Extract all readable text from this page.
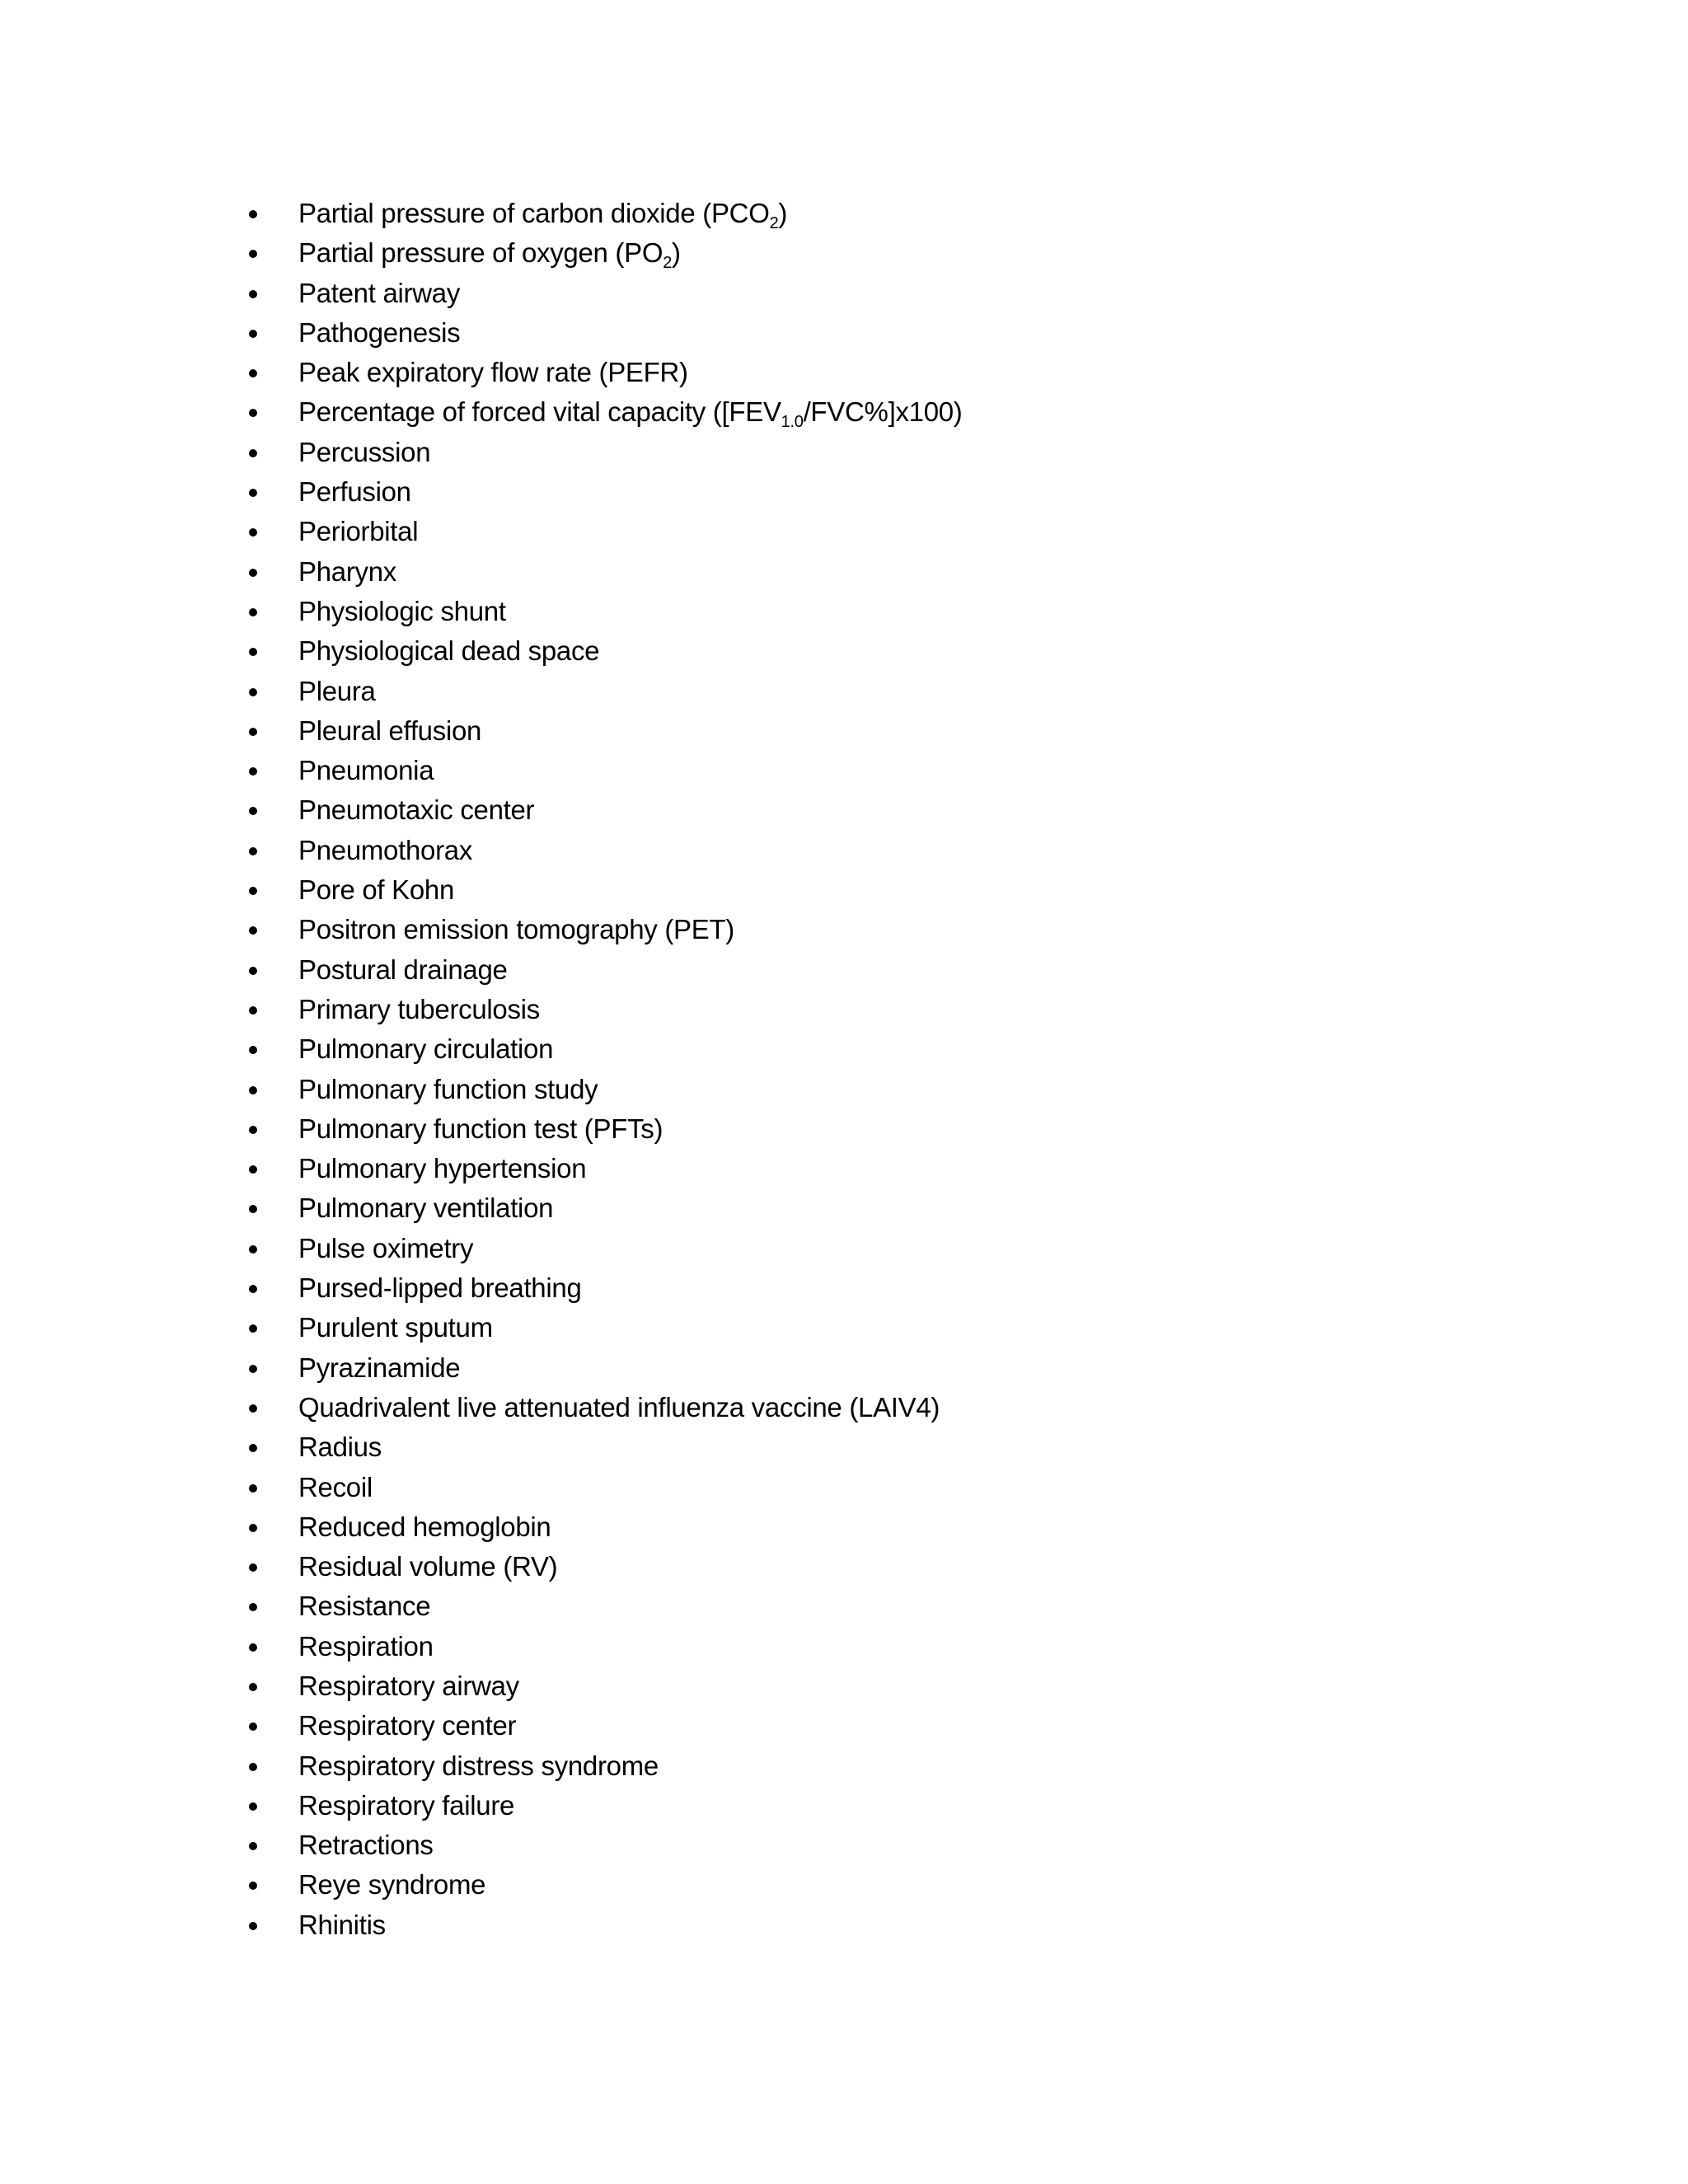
Partial pressure of carbon dioxide $(PCO_2)$
Partial pressure of oxygen $(PO_2)$
Patent airway
Pathogenesis
Peak expiratory flow rate (PEFR)
Percentage of forced vital capacity $([FEV_{1.0}/FVC\%]x100)$
Percussion
Perfusion
Periorbital
Pharynx
Physiologic shunt
Physiological dead space
Pleura
Pleural effusion
Pneumonia
Pneumotaxic center
Pneumothorax
Pore of Kohn
Positron emission tomography (PET)
Postural drainage
Primary tuberculosis
Pulmonary circulation
Pulmonary function study
Pulmonary function test (PFTs)
Pulmonary hypertension
Pulmonary ventilation
Pulse oximetry
Pursed-lipped breathing
Purulent sputum
Pyrazinamide
Quadrivalent live attenuated influenza vaccine (LAIV4)
Radius
Recoil
Reduced hemoglobin
Residual volume (RV)
Resistance
Respiration
Respiratory airway
Respiratory center
Respiratory distress syndrome
Respiratory failure
Retractions
Reye syndrome
Rhinitis
